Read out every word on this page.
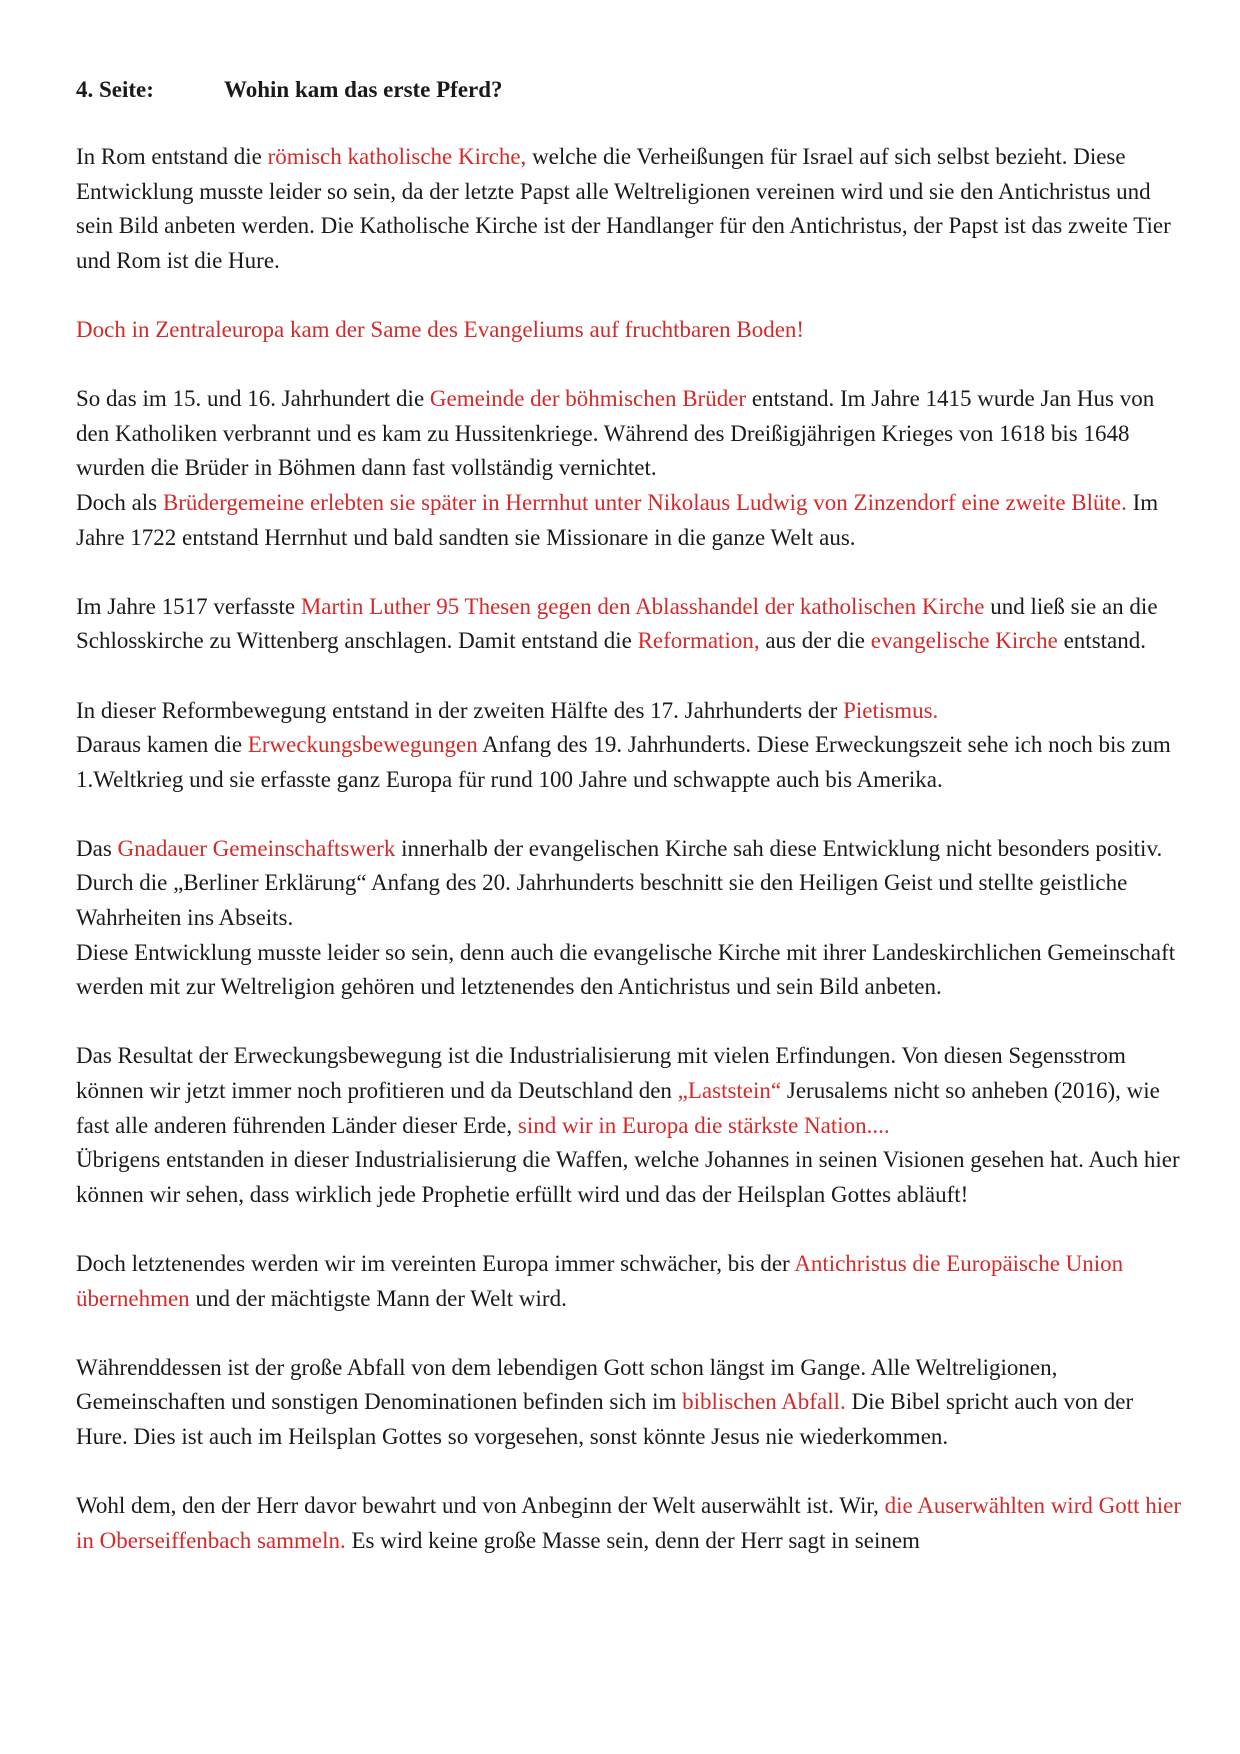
4. Seite:	Wohin kam das erste Pferd?

In Rom entstand die römisch katholische Kirche, welche die Verheißungen für Israel auf sich selbst bezieht. Diese Entwicklung musste leider so sein, da der letzte Papst alle Weltreligionen vereinen wird und sie den Antichristus und sein Bild anbeten werden. Die Katholische Kirche ist der Handlanger für den Antichristus, der Papst ist das zweite Tier und Rom ist die Hure.

Doch in Zentraleuropa kam der Same des Evangeliums auf fruchtbaren Boden!

So das im 15. und 16. Jahrhundert die Gemeinde der böhmischen Brüder entstand. Im Jahre 1415 wurde Jan Hus von den Katholiken verbrannt und es kam zu Hussitenkriege. Während des Dreißigjährigen Krieges von 1618 bis 1648 wurden die Brüder in Böhmen dann fast vollständig vernichtet.

Doch als Brüdergemeine erlebten sie später in Herrnhut unter Nikolaus Ludwig von Zinzendorf eine zweite Blüte. Im Jahre 1722 entstand Herrnhut und bald sandten sie Missionare in die ganze Welt aus.

Im Jahre 1517 verfasste Martin Luther 95 Thesen gegen den Ablasshandel der katholischen Kirche und ließ sie an die Schlosskirche zu Wittenberg anschlagen. Damit entstand die Reformation, aus der die evangelische Kirche entstand.

In dieser Reformbewegung entstand in der zweiten Hälfte des 17. Jahrhunderts der Pietismus.

Daraus kamen die Erweckungsbewegungen Anfang des 19. Jahrhunderts. Diese Erweckungszeit sehe ich noch bis zum 1.Weltkrieg und sie erfasste ganz Europa für rund 100 Jahre und schwappte auch bis Amerika.

Das Gnadauer Gemeinschaftswerk innerhalb der evangelischen Kirche sah diese Entwicklung nicht besonders positiv. Durch die „Berliner Erklärung“ Anfang des 20. Jahrhunderts beschnitt sie den Heiligen Geist und stellte geistliche Wahrheiten ins Abseits.

Diese Entwicklung musste leider so sein, denn auch die evangelische Kirche mit ihrer Landeskirchlichen Gemeinschaft werden mit zur Weltreligion gehören und letztenendes den Antichristus und sein Bild anbeten.

Das Resultat der Erweckungsbewegung ist die Industrialisierung mit vielen Erfindungen. Von diesen Segensstrom können wir jetzt immer noch profitieren und da Deutschland den „Laststein“ Jerusalems nicht so anheben (2016), wie fast alle anderen führenden Länder dieser Erde, sind wir in Europa die stärkste Nation....

Übrigens entstanden in dieser Industrialisierung die Waffen, welche Johannes in seinen Visionen gesehen hat. Auch hier können wir sehen, dass wirklich jede Prophetie erfüllt wird und das der Heilsplan Gottes abläuft!

Doch letztenendes werden wir im vereinten Europa immer schwächer, bis der Antichristus die Europäische Union übernehmen und der mächtigste Mann der Welt wird.

Währenddessen ist der große Abfall von dem lebendigen Gott schon längst im Gange. Alle Weltreligionen, Gemeinschaften und sonstigen Denominationen befinden sich im biblischen Abfall. Die Bibel spricht auch von der Hure. Dies ist auch im Heilsplan Gottes so vorgesehen, sonst könnte Jesus nie wiederkommen.

Wohl dem, den der Herr davor bewahrt und von Anbeginn der Welt auserwählt ist. Wir, die Auserwählten wird Gott hier in Oberseiffenbach sammeln. Es wird keine große Masse sein, denn der Herr sagt in seinem
